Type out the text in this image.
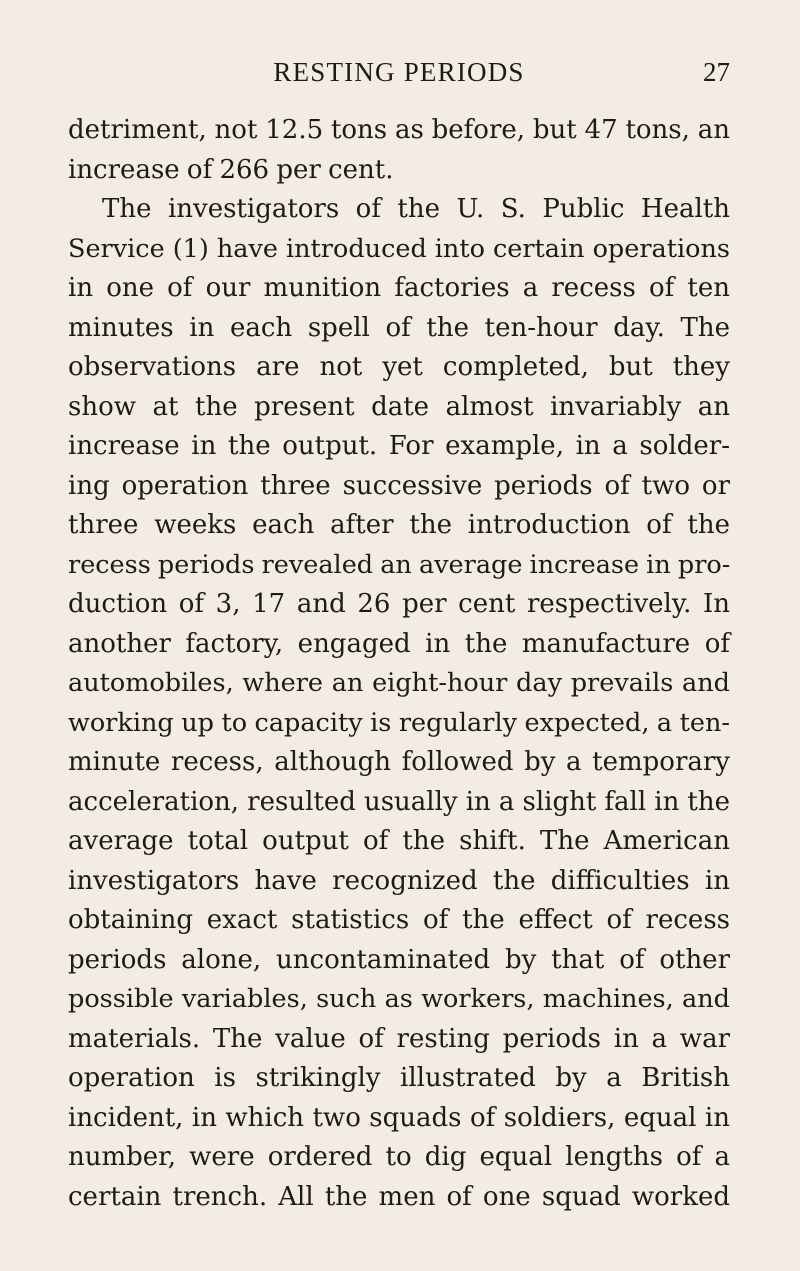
RESTING PERIODS	27
detriment, not 12.5 tons as before, but 47 tons, an
increase of 266 per cent.
The investigators of the U. S. Public Health
Service (1) have introduced into certain operations
in one of our munition factories a recess of ten
minutes in each spell of the ten-hour day. The
observations are not yet completed, but they
show at the present date almost invariably an
increase in the output. For example, in a solder-
ing operation three successive periods of two or
three weeks each after the introduction of the
recess periods revealed an average increase in pro-
duction of 3, 17 and 26 per cent respectively. In
another factory, engaged in the manufacture of
automobiles, where an eight-hour day prevails and
working up to capacity is regularly expected, a ten-
minute recess, although followed by a temporary
acceleration, resulted usually in a slight fall in the
average total output of the shift. The American
investigators have recognized the difficulties in
obtaining exact statistics of the effect of recess
periods alone, uncontaminated by that of other
possible variables, such as workers, machines, and
materials. The value of resting periods in a war
operation is strikingly illustrated by a British
incident, in which two squads of soldiers, equal in
number, were ordered to dig equal lengths of a
certain trench. All the men of one squad worked
